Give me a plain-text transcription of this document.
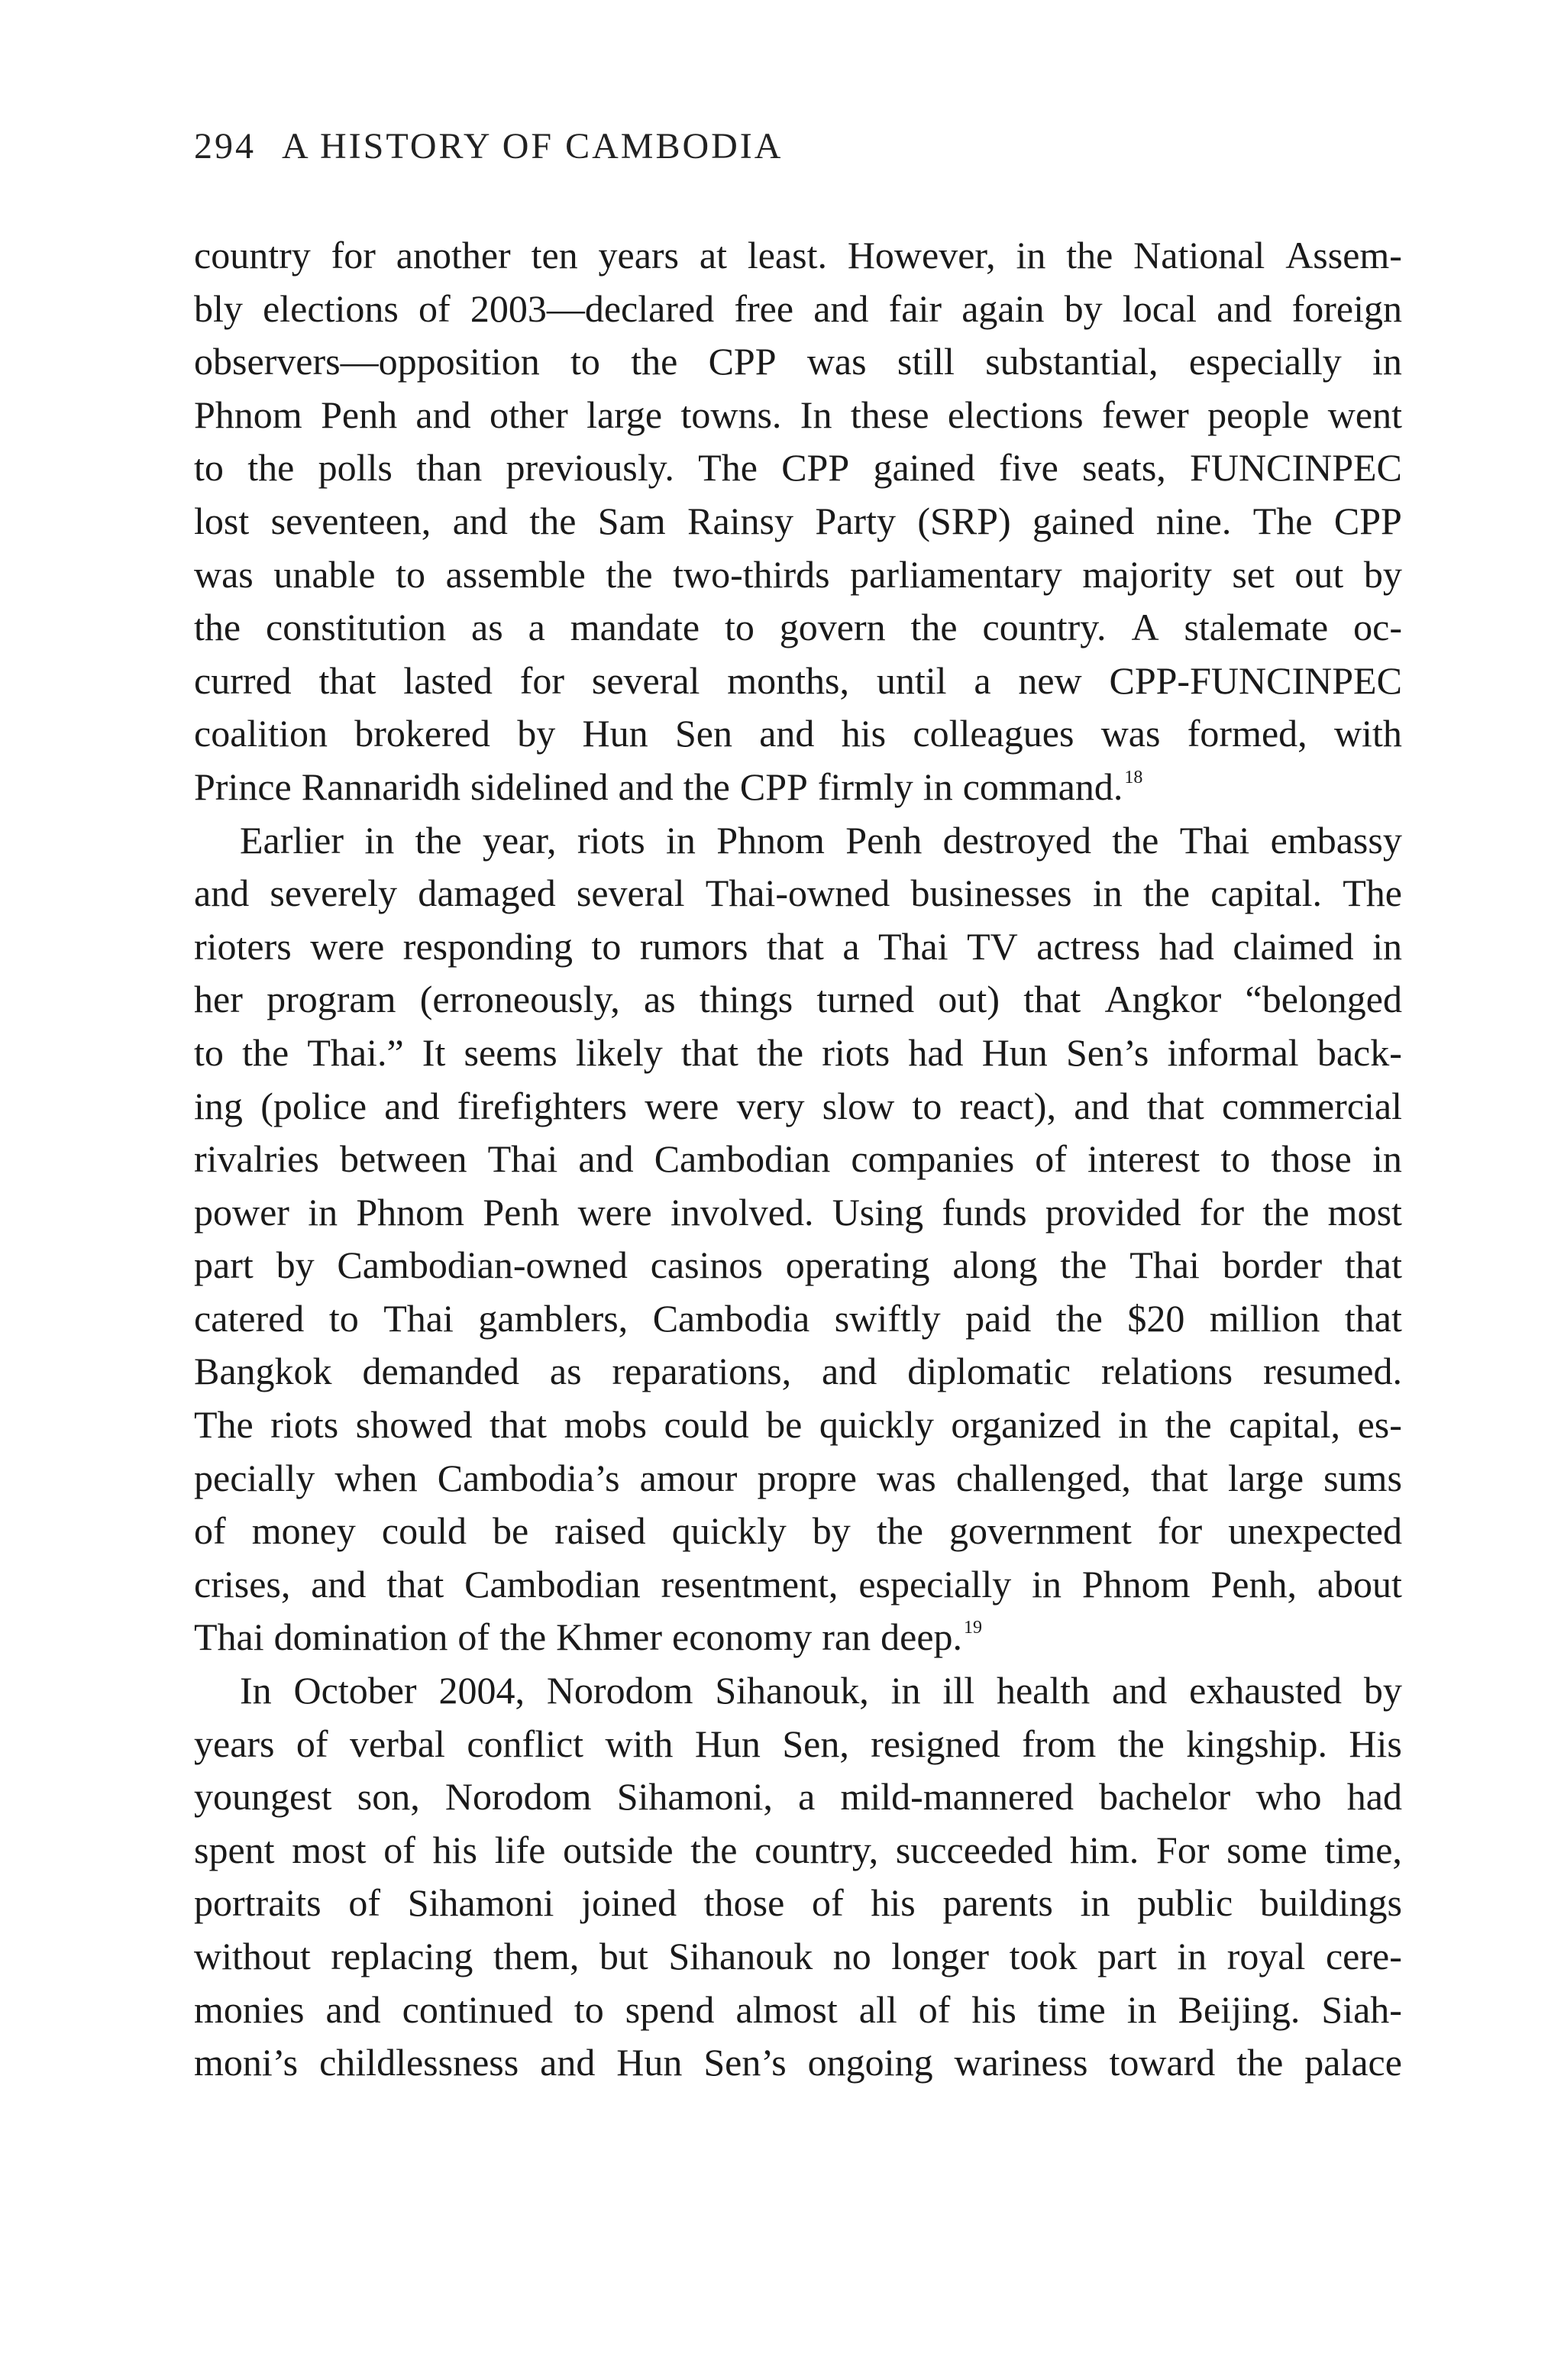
294 A HISTORY OF CAMBODIA
country for another ten years at least. However, in the National Assem-
bly elections of 2003—declared free and fair again by local and foreign
observers—opposition to the CPP was still substantial, especially in
Phnom Penh and other large towns. In these elections fewer people went
to the polls than previously. The CPP gained five seats, FUNCINPEC
lost seventeen, and the Sam Rainsy Party (SRP) gained nine. The CPP
was unable to assemble the two-thirds parliamentary majority set out by
the constitution as a mandate to govern the country. A stalemate oc-
curred that lasted for several months, until a new CPP-FUNCINPEC
coalition brokered by Hun Sen and his colleagues was formed, with
Prince Rannaridh sidelined and the CPP firmly in command.$^{18}$
Earlier in the year, riots in Phnom Penh destroyed the Thai embassy
and severely damaged several Thai-owned businesses in the capital. The
rioters were responding to rumors that a Thai TV actress had claimed in
her program (erroneously, as things turned out) that Angkor “belonged
to the Thai.” It seems likely that the riots had Hun Sen’s informal back-
ing (police and firefighters were very slow to react), and that commercial
rivalries between Thai and Cambodian companies of interest to those in
power in Phnom Penh were involved. Using funds provided for the most
part by Cambodian-owned casinos operating along the Thai border that
catered to Thai gamblers, Cambodia swiftly paid the $20 million that
Bangkok demanded as reparations, and diplomatic relations resumed.
The riots showed that mobs could be quickly organized in the capital, es-
pecially when Cambodia’s amour propre was challenged, that large sums
of money could be raised quickly by the government for unexpected
crises, and that Cambodian resentment, especially in Phnom Penh, about
Thai domination of the Khmer economy ran deep.$^{19}$
In October 2004, Norodom Sihanouk, in ill health and exhausted by
years of verbal conflict with Hun Sen, resigned from the kingship. His
youngest son, Norodom Sihamoni, a mild-mannered bachelor who had
spent most of his life outside the country, succeeded him. For some time,
portraits of Sihamoni joined those of his parents in public buildings
without replacing them, but Sihanouk no longer took part in royal cere-
monies and continued to spend almost all of his time in Beijing. Siah-
moni’s childlessness and Hun Sen’s ongoing wariness toward the palace
